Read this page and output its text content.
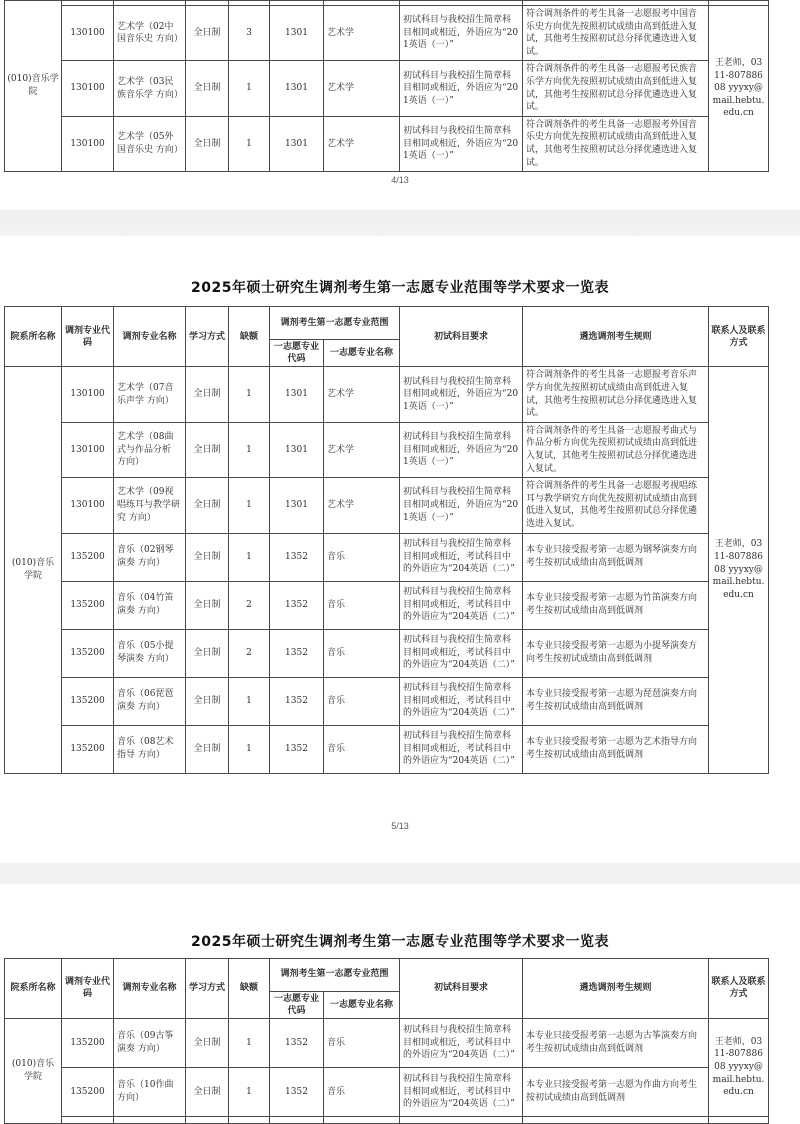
(010)音乐学院									
	130100	艺术学（02中国音乐史 方向）	全日制	3	1301	艺术学	初试科目与我校招生简章科目相同或相近，外语应为“201英语（一）”	符合调剂条件的考生具备一志愿报考中国音乐史方向优先按照初试成绩由高到低进入复试，其他考生按照初试总分择优遴选进入复试。	王老师，0311-80788608 yyyxy@mail.hebtu.edu.cn
	130100	艺术学（03民族音乐学 方向）	全日制	1	1301	艺术学	初试科目与我校招生简章科目相同或相近，外语应为“201英语（一）”	符合调剂条件的考生具备一志愿报考民族音乐学方向优先按照初试成绩由高到低进入复试，其他考生按照初试总分择优遴选进入复试。	
	130100	艺术学（05外国音乐史 方向）	全日制	1	1301	艺术学	初试科目与我校招生简章科目相同或相近，外语应为“201英语（一）”	符合调剂条件的考生具备一志愿报考外国音乐史方向优先按照初试成绩由高到低进入复试，其他考生按照初试总分择优遴选进入复试。	
4/13
2025年硕士研究生调剂考生第一志愿专业范围等学术要求一览表
院系所名称	调剂专业代码	调剂专业名称	学习方式	缺额	调剂考生第一志愿专业范围		初试科目要求	遴选调剂考生规则	联系人及联系方式
					一志愿专业代码	一志愿专业名称			
(010)音乐学院	130100	艺术学（07音乐声学 方向）	全日制	1	1301	艺术学	初试科目与我校招生简章科目相同或相近，外语应为“201英语（一）”	符合调剂条件的考生具备一志愿报考音乐声学方向优先按照初试成绩由高到低进入复试，其他考生按照初试总分择优遴选进入复试。	王老师，0311-80788608 yyyxy@mail.hebtu.edu.cn
	130100	艺术学（08曲式与作品分析 方向）	全日制	1	1301	艺术学	初试科目与我校招生简章科目相同或相近，外语应为“201英语（一）”	符合调剂条件的考生具备一志愿报考曲式与作品分析方向优先按照初试成绩由高到低进入复试，其他考生按照初试总分择优遴选进入复试。	
	130100	艺术学（09视唱练耳与教学研究 方向）	全日制	1	1301	艺术学	初试科目与我校招生简章科目相同或相近，外语应为“201英语（一）”	符合调剂条件的考生具备一志愿报考视唱练耳与教学研究方向优先按照初试成绩由高到低进入复试，其他考生按照初试总分择优遴选进入复试。	
	135200	音乐（02钢琴演奏 方向）	全日制	1	1352	音乐	初试科目与我校招生简章科目相同或相近，考试科目中的外语应为“204英语（二）”	本专业只接受报考第一志愿为钢琴演奏方向考生按初试成绩由高到低调剂	
	135200	音乐（04竹笛演奏 方向）	全日制	2	1352	音乐	初试科目与我校招生简章科目相同或相近，考试科目中的外语应为“204英语（二）”	本专业只接受报考第一志愿为竹笛演奏方向考生按初试成绩由高到低调剂	
	135200	音乐（05小提琴演奏 方向）	全日制	2	1352	音乐	初试科目与我校招生简章科目相同或相近，考试科目中的外语应为“204英语（二）”	本专业只接受报考第一志愿为小提琴演奏方向考生按初试成绩由高到低调剂	
	135200	音乐（06琵琶演奏 方向）	全日制	1	1352	音乐	初试科目与我校招生简章科目相同或相近，考试科目中的外语应为“204英语（二）”	本专业只接受报考第一志愿为琵琶演奏方向考生按初试成绩由高到低调剂	
	135200	音乐（08艺术指导 方向）	全日制	1	1352	音乐	初试科目与我校招生简章科目相同或相近，考试科目中的外语应为“204英语（二）”	本专业只接受报考第一志愿为艺术指导方向考生按初试成绩由高到低调剂	
5/13
2025年硕士研究生调剂考生第一志愿专业范围等学术要求一览表
院系所名称	调剂专业代码	调剂专业名称	学习方式	缺额	调剂考生第一志愿专业范围		初试科目要求	遴选调剂考生规则	联系人及联系方式
					一志愿专业代码	一志愿专业名称			
(010)音乐学院	135200	音乐（09古筝演奏 方向）	全日制	1	1352	音乐	初试科目与我校招生简章科目相同或相近，考试科目中的外语应为“204英语（二）”	本专业只接受报考第一志愿为古筝演奏方向考生按初试成绩由高到低调剂	王老师，0311-80788608 yyyxy@mail.hebtu.edu.cn
	135200	音乐（10作曲 方向）	全日制	1	1352	音乐	初试科目与我校招生简章科目相同或相近，考试科目中的外语应为“204英语（二）”	本专业只接受报考第一志愿为作曲方向考生按初试成绩由高到低调剂	
